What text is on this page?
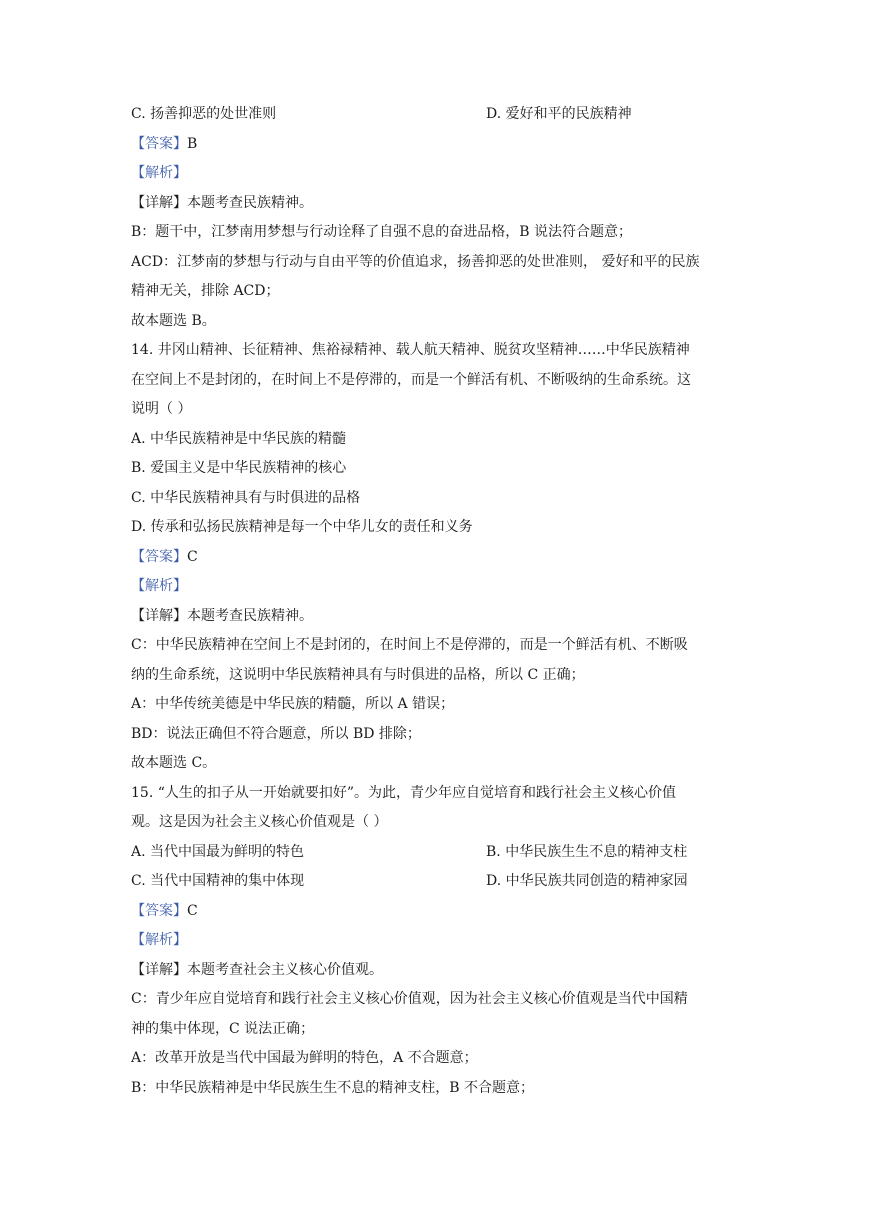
C. 扬善抑恶的处世准则	D. 爱好和平的民族精神
【答案】B
【解析】
【详解】本题考查民族精神。
B：题干中，江梦南用梦想与行动诠释了自强不息的奋进品格，B 说法符合题意；
ACD：江梦南的梦想与行动与自由平等的价值追求，扬善抑恶的处世准则， 爱好和平的民族
精神无关，排除 ACD；
故本题选 B。
14. 井冈山精神、长征精神、焦裕禄精神、载人航天精神、脱贫攻坚精神……中华民族精神
在空间上不是封闭的，在时间上不是停滞的，而是一个鲜活有机、不断吸纳的生命系统。这
说明（ ）
A. 中华民族精神是中华民族的精髓
B. 爱国主义是中华民族精神的核心
C. 中华民族精神具有与时俱进的品格
D. 传承和弘扬民族精神是每一个中华儿女的责任和义务
【答案】C
【解析】
【详解】本题考查民族精神。
C：中华民族精神在空间上不是封闭的，在时间上不是停滞的，而是一个鲜活有机、不断吸
纳的生命系统，这说明中华民族精神具有与时俱进的品格，所以 C 正确；
A：中华传统美德是中华民族的精髓，所以 A 错误；
BD：说法正确但不符合题意，所以 BD 排除；
故本题选 C。
15. “人生的扣子从一开始就要扣好”。为此，青少年应自觉培育和践行社会主义核心价值
观。这是因为社会主义核心价值观是（ ）
A. 当代中国最为鲜明的特色	B. 中华民族生生不息的精神支柱
C. 当代中国精神的集中体现	D. 中华民族共同创造的精神家园
【答案】C
【解析】
【详解】本题考查社会主义核心价值观。
C：青少年应自觉培育和践行社会主义核心价值观，因为社会主义核心价值观是当代中国精
神的集中体现，C 说法正确；
A：改革开放是当代中国最为鲜明的特色，A 不合题意；
B：中华民族精神是中华民族生生不息的精神支柱，B 不合题意；
